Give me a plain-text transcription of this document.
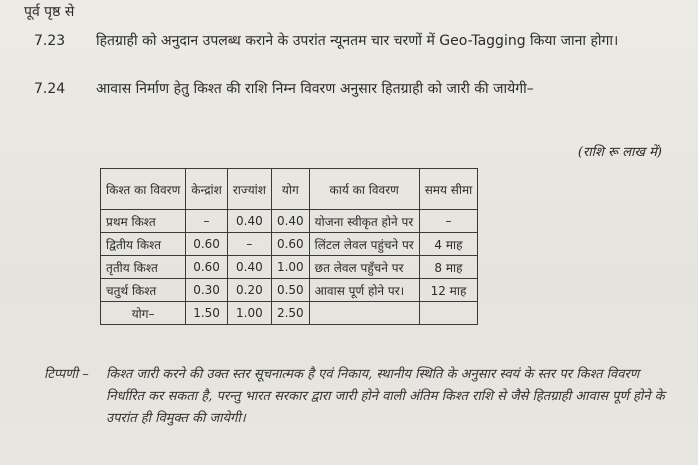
पूर्व पृष्ठ से
7.23	हितग्राही को अनुदान उपलब्ध कराने के उपरांत न्यूनतम चार चरणों में Geo-Tagging किया जाना होगा।
7.24	आवास निर्माण हेतु किश्त की राशि निम्न विवरण अनुसार हितग्राही को जारी की जायेगी–
(राशि रू लाख में)
किश्त का विवरण	केन्द्रांश	राज्यांश	योग	कार्य का विवरण	समय सीमा
प्रथम किश्त	–	0.40	0.40	योजना स्वीकृत होने पर	–
द्वितीय किश्त	0.60	–	0.60	लिंटल लेवल पहुंचने पर	4 माह
तृतीय किश्त	0.60	0.40	1.00	छत लेवल पहुँचने पर	8 माह
चतुर्थ किश्त	0.30	0.20	0.50	आवास पूर्ण होने पर।	12 माह
योग–	1.50	1.00	2.50		
टिप्पणी – किश्त जारी करने की उक्त स्तर सूचनात्मक है एवं निकाय, स्थानीय स्थिति के अनुसार स्वयं के स्तर पर किश्त विवरण निर्धारित कर सकता है, परन्तु भारत सरकार द्वारा जारी होने वाली अंतिम किश्त राशि से जैसे हितग्राही आवास पूर्ण होने के उपरांत ही विमुक्त की जायेगी।
